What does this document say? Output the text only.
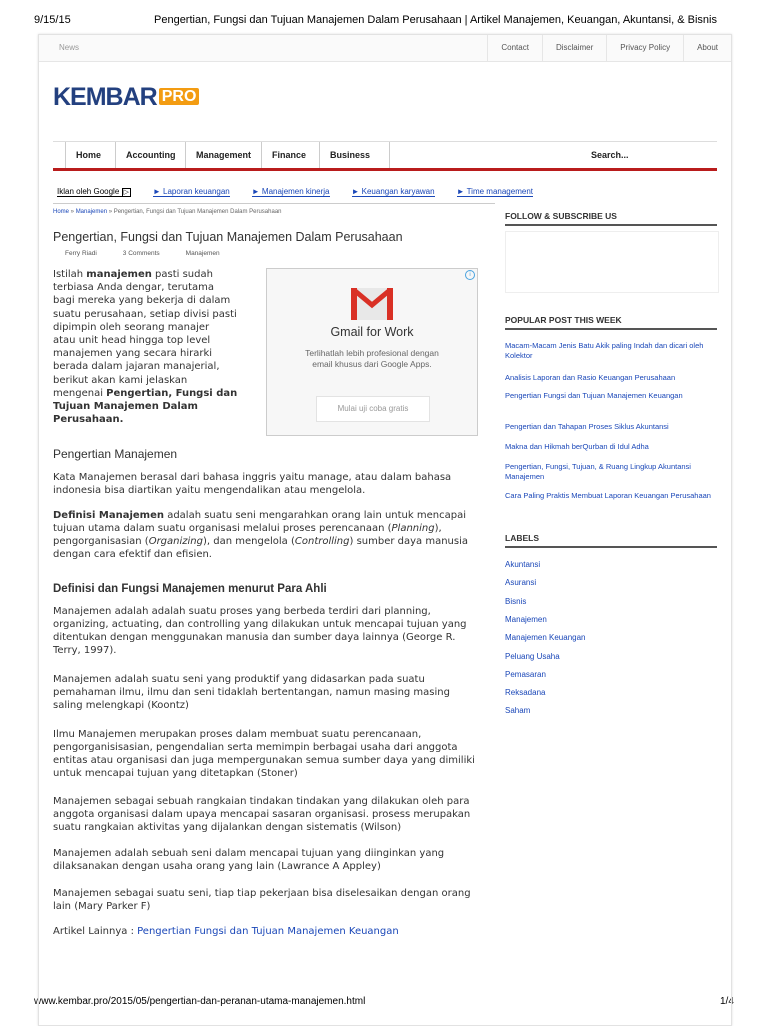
9/15/15	Pengertian, Fungsi dan Tujuan Manajemen Dalam Perusahaan | Artikel Manajemen, Keuangan, Akuntansi, & Bisnis
www.kembar.pro/2015/05/pengertian-dan-peranan-utama-manajemen.html	1/4
News	Contact	Disclaimer	Privacy Policy	About
KEMBAR PRO
Home	Accounting	Management	Finance	Business	Search...
Iklan oleh Google ▷	► Laporan keuangan	► Manajemen kinerja	► Keuangan karyawan	► Time management
Home » Manajemen » Pengertian, Fungsi dan Tujuan Manajemen Dalam Perusahaan
Pengertian, Fungsi dan Tujuan Manajemen Dalam Perusahaan
Ferry Riadi	3 Comments	Manajemen
Istilah manajemen pasti sudah
terbiasa Anda dengar, terutama
bagi mereka yang bekerja di dalam
suatu perusahaan, setiap divisi pasti
dipimpin oleh seorang manajer
atau unit head hingga top level
manajemen yang secara hirarki
berada dalam jajaran manajerial,
berikut akan kami jelaskan
mengenai Pengertian, Fungsi dan
Tujuan Manajemen Dalam
Perusahaan.
i
Gmail for Work
Terlihatlah lebih profesional dengan email khusus dari Google Apps.
Mulai uji coba gratis
Pengertian Manajemen

Kata Manajemen berasal dari bahasa inggris yaitu manage, atau dalam bahasa indonesia bisa diartikan yaitu mengendalikan atau mengelola.

Definisi Manajemen adalah suatu seni mengarahkan orang lain untuk mencapai tujuan utama dalam suatu organisasi melalui proses perencanaan (Planning), pengorganisasian (Organizing), dan mengelola (Controlling) sumber daya manusia dengan cara efektif dan efisien.

Definisi dan Fungsi Manajemen menurut Para Ahli

Manajemen adalah adalah suatu proses yang berbeda terdiri dari planning, organizing, actuating, dan controlling yang dilakukan untuk mencapai tujuan yang ditentukan dengan menggunakan manusia dan sumber daya lainnya (George R. Terry, 1997).

Manajemen adalah suatu seni yang produktif yang didasarkan pada suatu pemahaman ilmu, ilmu dan seni tidaklah bertentangan, namun masing masing saling melengkapi (Koontz)

Ilmu Manajemen merupakan proses dalam membuat suatu perencanaan, pengorganisisasian, pengendalian serta memimpin berbagai usaha dari anggota entitas atau organisasi dan juga mempergunakan semua sumber daya yang dimiliki untuk mencapai tujuan yang ditetapkan (Stoner)

Manajemen sebagai sebuah rangkaian tindakan tindakan yang dilakukan oleh para anggota organisasi dalam upaya mencapai sasaran organisasi. prosess merupakan suatu rangkaian aktivitas yang dijalankan dengan sistematis (Wilson)

Manajemen adalah sebuah seni dalam mencapai tujuan yang diinginkan yang dilaksanakan dengan usaha orang yang lain (Lawrance A Appley)

Manajemen sebagai suatu seni, tiap tiap pekerjaan bisa diselesaikan dengan orang lain (Mary Parker F)

Artikel Lainnya : Pengertian Fungsi dan Tujuan Manajemen Keuangan
FOLLOW & SUBSCRIBE US
POPULAR POST THIS WEEK
Macam-Macam Jenis Batu Akik paling Indah dan dicari oleh Kolektor
Analisis Laporan dan Rasio Keuangan Perusahaan
Pengertian Fungsi dan Tujuan Manajemen Keuangan
Pengertian dan Tahapan Proses Siklus Akuntansi
Makna dan Hikmah berQurban di Idul Adha
Pengertian, Fungsi, Tujuan, & Ruang Lingkup Akuntansi Manajemen
Cara Paling Praktis Membuat Laporan Keuangan Perusahaan
LABELS
Akuntansi
Asuransi
Bisnis
Manajemen
Manajemen Keuangan
Peluang Usaha
Pemasaran
Reksadana
Saham
